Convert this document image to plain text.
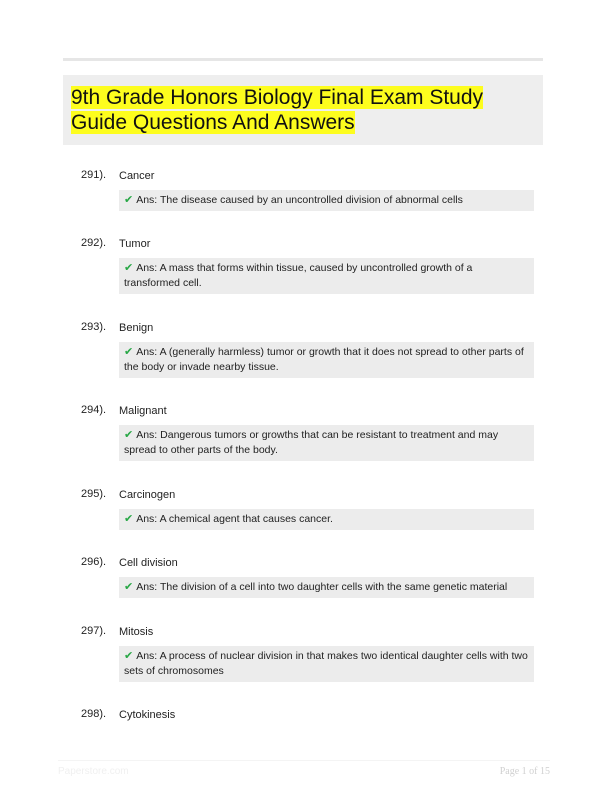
9th Grade Honors Biology Final Exam Study Guide Questions And Answers
291). Cancer
✔ Ans: The disease caused by an uncontrolled division of abnormal cells
292). Tumor
✔ Ans: A mass that forms within tissue, caused by uncontrolled growth of a transformed cell.
293). Benign
✔ Ans: A (generally harmless) tumor or growth that it does not spread to other parts of the body or invade nearby tissue.
294). Malignant
✔ Ans: Dangerous tumors or growths that can be resistant to treatment and may spread to other parts of the body.
295). Carcinogen
✔ Ans: A chemical agent that causes cancer.
296). Cell division
✔ Ans: The division of a cell into two daughter cells with the same genetic material
297). Mitosis
✔ Ans: A process of nuclear division in that makes two identical daughter cells with two sets of chromosomes
298). Cytokinesis
Paperstore.com	Page 1 of 15
